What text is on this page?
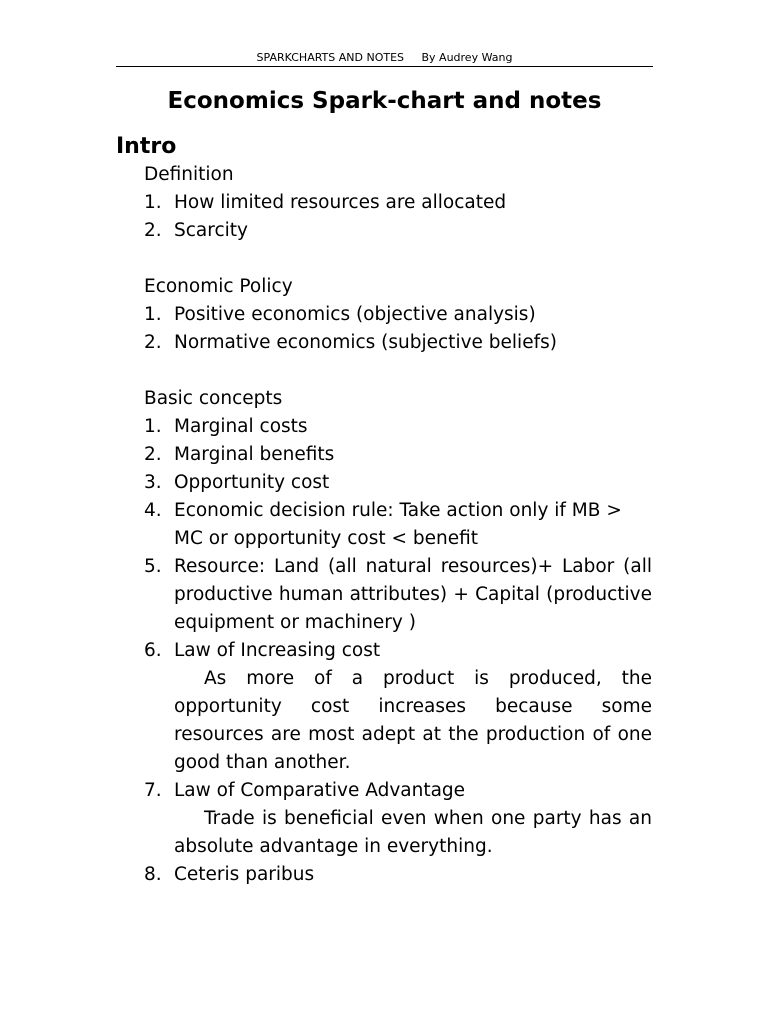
SPARKCHARTS AND NOTES     By Audrey Wang
Economics Spark-chart and notes
Intro
Definition
1. How limited resources are allocated
2. Scarcity
Economic Policy
1. Positive economics (objective analysis)
2. Normative economics (subjective beliefs)
Basic concepts
1. Marginal costs
2. Marginal benefits
3. Opportunity cost
4. Economic decision rule: Take action only if MB > MC or opportunity cost < benefit
5. Resource: Land (all natural resources)+ Labor (all productive human attributes) + Capital (productive equipment or machinery )
6. Law of Increasing cost
As more of a product is produced, the opportunity cost increases because some resources are most adept at the production of one good than another.
7. Law of Comparative Advantage
Trade is beneficial even when one party has an absolute advantage in everything.
8. Ceteris paribus
